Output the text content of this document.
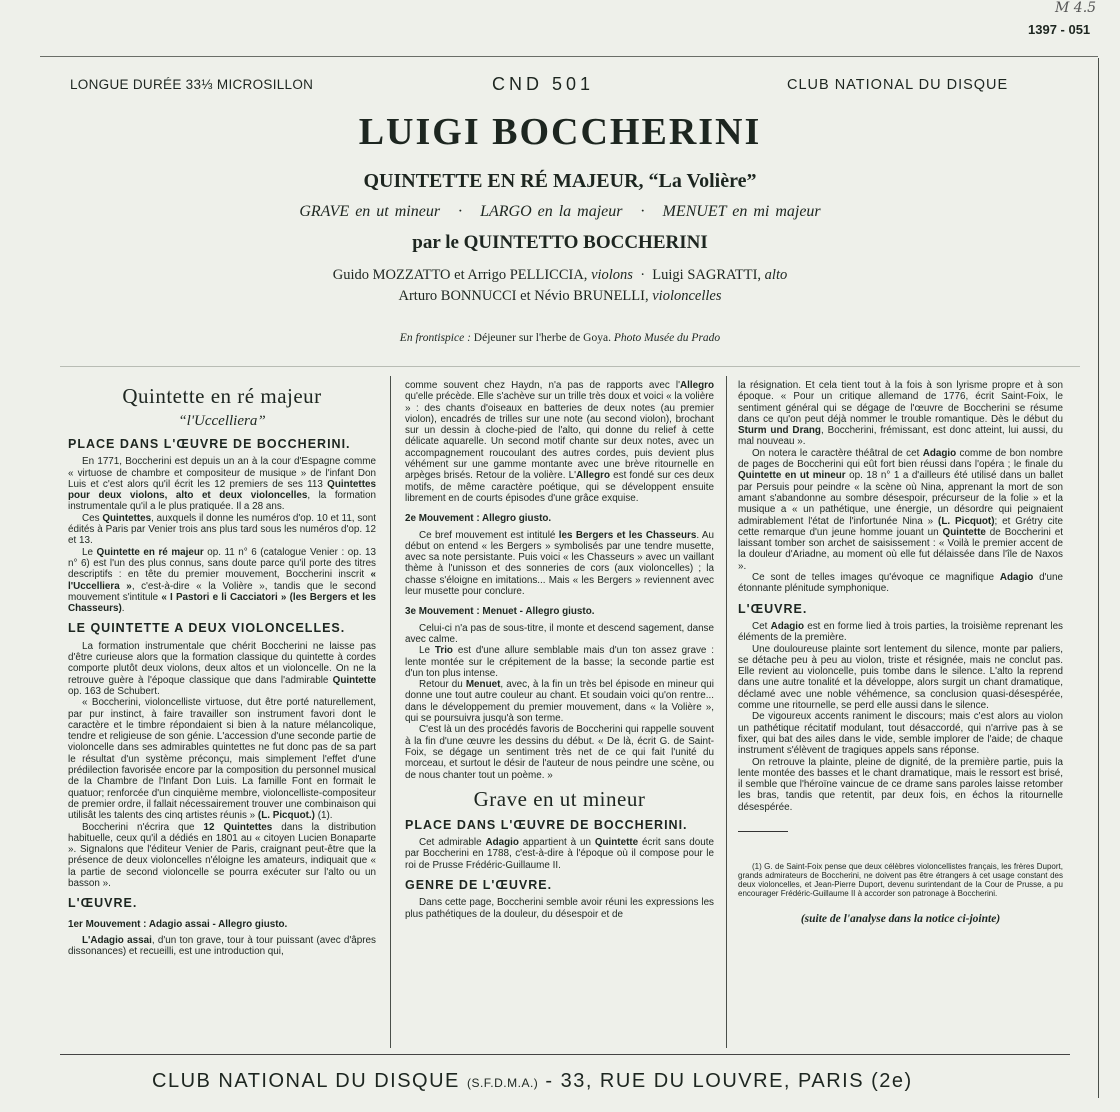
M 4.5
1397 - 051
LONGUE DURÉE 33⅓ MICROSILLON	CND 501	CLUB NATIONAL DU DISQUE
LUIGI BOCCHERINI
QUINTETTE EN RÉ MAJEUR, “La Volière”
GRAVE en ut mineur · LARGO en la majeur · MENUET en mi majeur
par le QUINTETTO BOCCHERINI
Guido MOZZATTO et Arrigo PELLICCIA, violons  ·  Luigi SAGRATTI, alto
Arturo BONNUCCI et Névio BRUNELLI, violoncelles
En frontispice : Déjeuner sur l'herbe de Goya. Photo Musée du Prado
Quintette en ré majeur
“l'Uccelliera”
PLACE DANS L'ŒUVRE DE BOCCHERINI.

En 1771, Boccherini est depuis un an à la cour d'Espagne comme « virtuose de chambre et compositeur de musique » de l'infant Don Luis et c'est alors qu'il écrit les 12 premiers de ses 113 Quintettes pour deux violons, alto et deux violoncelles, la formation instrumentale qu'il a le plus pratiquée. Il a 28 ans.

Ces Quintettes, auxquels il donne les numéros d'op. 10 et 11, sont édités à Paris par Venier trois ans plus tard sous les numéros d'op. 12 et 13.

Le Quintette en ré majeur op. 11 n° 6 (catalogue Venier : op. 13 n° 6) est l'un des plus connus, sans doute parce qu'il porte des titres descriptifs : en tête du premier mouvement, Boccherini inscrit « l'Uccelliera », c'est-à-dire « la Volière », tandis que le second mouvement s'intitule « I Pastori e li Cacciatori » (les Bergers et les Chasseurs).

LE QUINTETTE A DEUX VIOLONCELLES.

La formation instrumentale que chérit Boccherini ne laisse pas d'être curieuse alors que la formation classique du quintette à cordes comporte plutôt deux violons, deux altos et un violoncelle. On ne la retrouve guère à l'époque classique que dans l'admirable Quintette op. 163 de Schubert.

« Boccherini, violoncelliste virtuose, dut être porté naturellement, par pur instinct, à faire travailler son instrument favori dont le caractère et le timbre répondaient si bien à la nature mélancolique, tendre et religieuse de son génie. L'accession d'une seconde partie de violoncelle dans ses admirables quintettes ne fut donc pas de sa part le résultat d'un système préconçu, mais simplement l'effet d'une prédilection favorisée encore par la composition du personnel musical de la Chambre de l'Infant Don Luis. La famille Font en formait le quatuor; renforcée d'un cinquième membre, violoncelliste-compositeur de premier ordre, il fallait nécessairement trouver une combinaison qui utilisât les talents des cinq artistes réunis » (L. Picquot.) (1).

Boccherini n'écrira que 12 Quintettes dans la distribution habituelle, ceux qu'il a dédiés en 1801 au « citoyen Lucien Bonaparte ». Signalons que l'éditeur Venier de Paris, craignant peut-être que la présence de deux violoncelles n'éloigne les amateurs, indiquait que « la partie de second violoncelle se pourra exécuter sur l'alto ou un basson ».

L'ŒUVRE.
1er Mouvement : Adagio assai - Allegro giusto.

L'Adagio assai, d'un ton grave, tour à tour puissant (avec d'âpres dissonances) et recueilli, est une introduction qui,

comme souvent chez Haydn, n'a pas de rapports avec l'Allegro qu'elle précède. Elle s'achève sur un trille très doux et voici « la volière » : des chants d'oiseaux en batteries de deux notes (au premier violon), encadrés de trilles sur une note (au second violon), brochant sur un dessin à cloche-pied de l'alto, qui donne du relief à cette délicate aquarelle. Un second motif chante sur deux notes, avec un accompagnement roucoulant des autres cordes, puis devient plus véhément sur une gamme montante avec une brève ritournelle en arpèges brisés. Retour de la volière. L'Allegro est fondé sur ces deux motifs, de même caractère poétique, qui se développent ensuite librement en de courts épisodes d'une grâce exquise.

2e Mouvement : Allegro giusto.

Ce bref mouvement est intitulé les Bergers et les Chasseurs. Au début on entend « les Bergers » symbolisés par une tendre musette, avec sa note persistante. Puis voici « les Chasseurs » avec un vaillant thème à l'unisson et des sonneries de cors (aux violoncelles) ; la chasse s'éloigne en imitations... Mais « les Bergers » reviennent avec leur musette pour conclure.

3e Mouvement : Menuet - Allegro giusto.

Celui-ci n'a pas de sous-titre, il monte et descend sagement, danse avec calme.

Le Trio est d'une allure semblable mais d'un ton assez grave : lente montée sur le crépitement de la basse; la seconde partie est d'un ton plus intense.

Retour du Menuet, avec, à la fin un très bel épisode en mineur qui donne une tout autre couleur au chant. Et soudain voici qu'on rentre... dans le développement du premier mouvement, dans « la Volière », qui se poursuivra jusqu'à son terme.

C'est là un des procédés favoris de Boccherini qui rappelle souvent à la fin d'une œuvre les dessins du début. « De là, écrit G. de Saint-Foix, se dégage un sentiment très net de ce qui fait l'unité du morceau, et surtout le désir de l'auteur de nous peindre une scène, ou de nous chanter tout un poème. »

Grave en ut mineur
PLACE DANS L'ŒUVRE DE BOCCHERINI.

Cet admirable Adagio appartient à un Quintette écrit sans doute par Boccherini en 1788, c'est-à-dire à l'époque où il compose pour le roi de Prusse Frédéric-Guillaume II.

GENRE DE L'ŒUVRE.

Dans cette page, Boccherini semble avoir réuni les expressions les plus pathétiques de la douleur, du désespoir et de

la résignation. Et cela tient tout à la fois à son lyrisme propre et à son époque. « Pour un critique allemand de 1776, écrit Saint-Foix, le sentiment général qui se dégage de l'œuvre de Boccherini se résume dans ce qu'on peut déjà nommer le trouble romantique. Dès le début du Sturm und Drang, Boccherini, frémissant, est donc atteint, lui aussi, du mal nouveau ».

On notera le caractère théâtral de cet Adagio comme de bon nombre de pages de Boccherini qui eût fort bien réussi dans l'opéra ; le finale du Quintette en ut mineur op. 18 n° 1 a d'ailleurs été utilisé dans un ballet par Persuis pour peindre « la scène où Nina, apprenant la mort de son amant s'abandonne au sombre désespoir, précurseur de la folie » et la musique a « un pathétique, une énergie, un désordre qui peignaient admirablement l'état de l'infortunée Nina » (L. Picquot); et Grétry cite cette remarque d'un jeune homme jouant un Quintette de Boccherini et laissant tomber son archet de saisissement : « Voilà le premier accent de la douleur d'Ariadne, au moment où elle fut délaissée dans l'île de Naxos ».

Ce sont de telles images qu'évoque ce magnifique Adagio d'une étonnante plénitude symphonique.

L'ŒUVRE.

Cet Adagio est en forme lied à trois parties, la troisième reprenant les éléments de la première.

Une douloureuse plainte sort lentement du silence, monte par paliers, se détache peu à peu au violon, triste et résignée, mais ne conclut pas. Elle revient au violoncelle, puis tombe dans le silence. L'alto la reprend dans une autre tonalité et la développe, alors surgit un chant dramatique, déclamé avec une noble véhémence, sa conclusion quasi-désespérée, comme une ritournelle, se perd elle aussi dans le silence.

De vigoureux accents raniment le discours; mais c'est alors au violon un pathétique récitatif modulant, tout désaccordé, qui n'arrive pas à se fixer, qui bat des ailes dans le vide, semble implorer de l'aide; de chaque instrument s'élèvent de tragiques appels sans réponse.

On retrouve la plainte, pleine de dignité, de la première partie, puis la lente montée des basses et le chant dramatique, mais le ressort est brisé, il semble que l'héroïne vaincue de ce drame sans paroles laisse retomber les bras, tandis que retentit, par deux fois, en échos la ritournelle désespérée.

(1) G. de Saint-Foix pense que deux célèbres violoncellistes français, les frères Duport, grands admirateurs de Boccherini, ne doivent pas être étrangers à cet usage constant des deux violoncelles, et Jean-Pierre Duport, devenu surintendant de la Cour de Prusse, a pu encourager Frédéric-Guillaume II à accorder son patronage à Boccherini.
(suite de l'analyse dans la notice ci-jointe)
CLUB NATIONAL DU DISQUE (S.F.D.M.A.) - 33, RUE DU LOUVRE, PARIS (2e)
